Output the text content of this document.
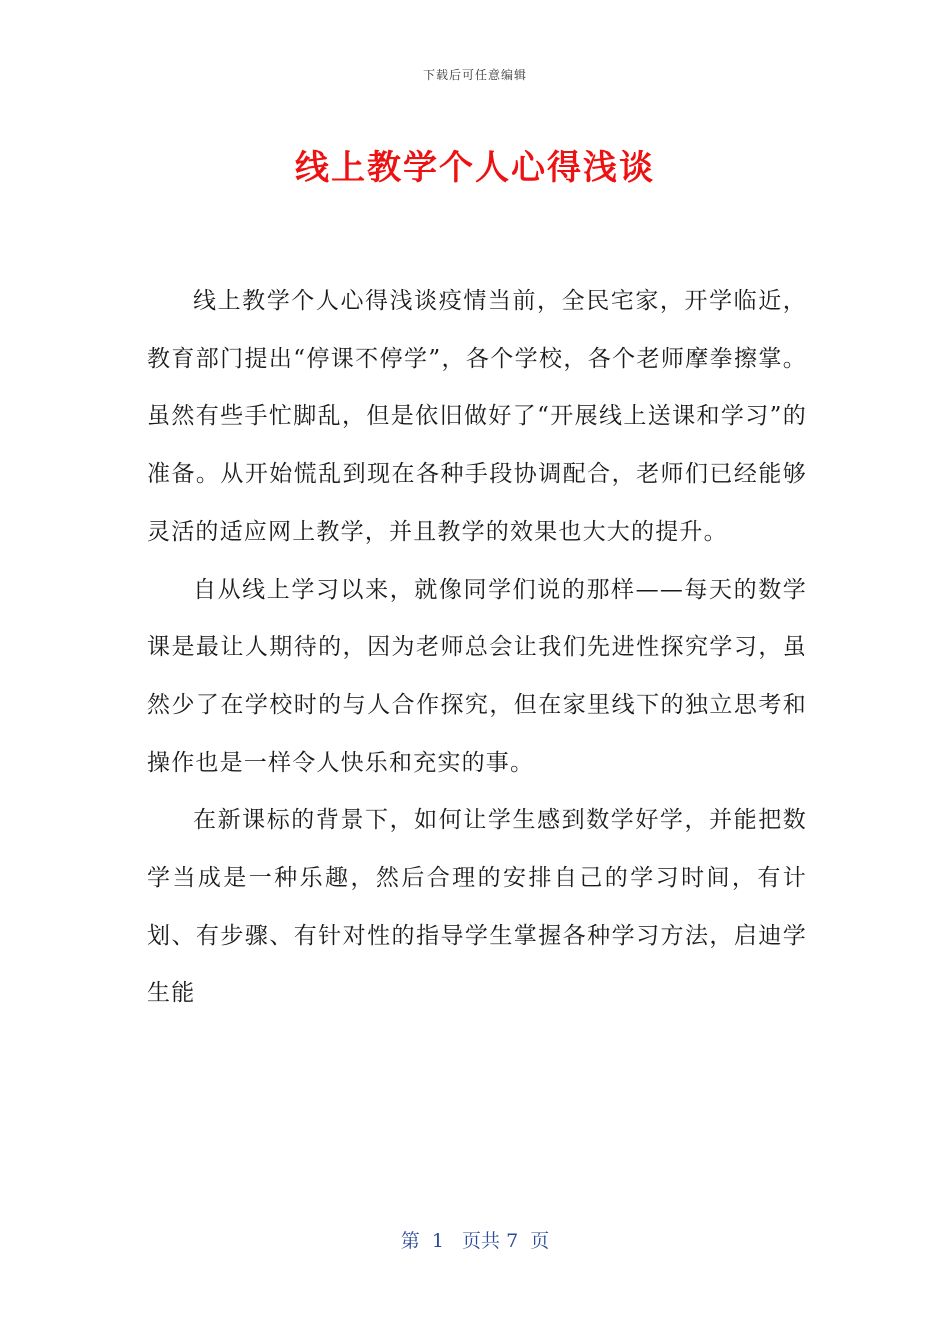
下载后可任意编辑
线上教学个人心得浅谈

线上教学个人心得浅谈疫情当前，全民宅家，开学临近，教育部门提出“停课不停学”，各个学校，各个老师摩拳擦掌。虽然有些手忙脚乱，但是依旧做好了“开展线上送课和学习”的准备。从开始慌乱到现在各种手段协调配合，老师们已经能够灵活的适应网上教学，并且教学的效果也大大的提升。

自从线上学习以来，就像同学们说的那样——每天的数学课是最让人期待的，因为老师总会让我们先进性探究学习，虽然少了在学校时的与人合作探究，但在家里线下的独立思考和操作也是一样令人快乐和充实的事。

在新课标的背景下，如何让学生感到数学好学，并能把数学当成是一种乐趣，然后合理的安排自己的学习时间，有计划、有步骤、有针对性的指导学生掌握各种学习方法，启迪学生能

第  1   页共 7  页
